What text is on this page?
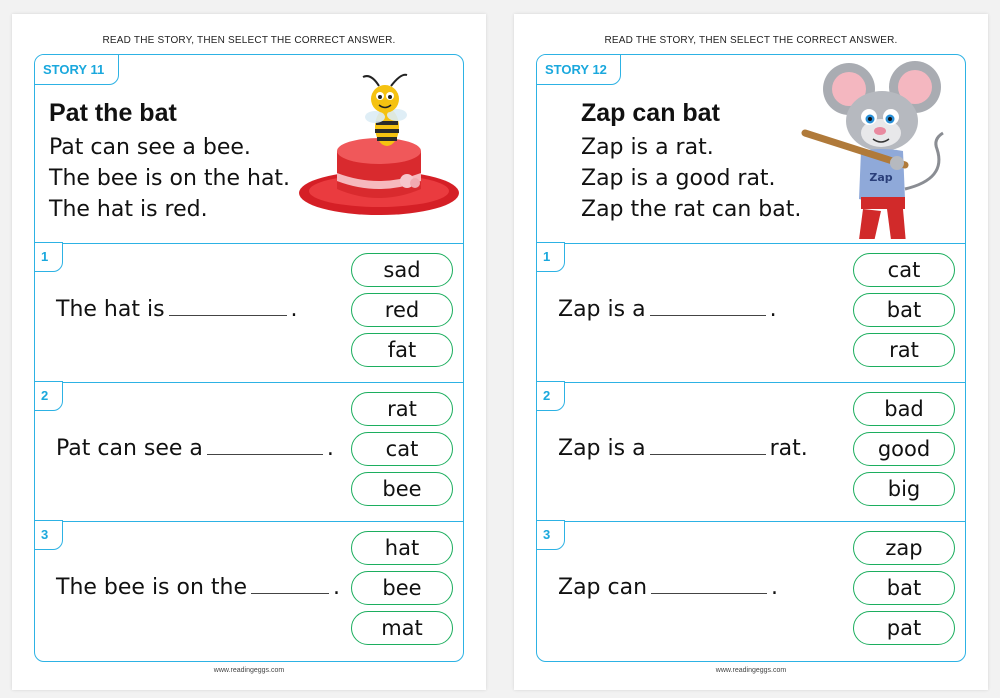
READ THE STORY, THEN SELECT THE CORRECT ANSWER.
STORY 11
Pat the bat
Pat can see a bee.
The bee is on the hat.
The hat is red.
1
The hat is	.
sad
red
fat
2
Pat can see a	.
rat
cat
bee
3
The bee is on the	.
hat
bee
mat
www.readingeggs.com
READ THE STORY, THEN SELECT THE CORRECT ANSWER.
STORY 12
Zap can bat
Zap is a rat.
Zap is a good rat.
Zap the rat can bat.
Zap
1
Zap is a	.
cat
bat
rat
2
Zap is a	rat.
bad
good
big
3
Zap can	.
zap
bat
pat
www.readingeggs.com
